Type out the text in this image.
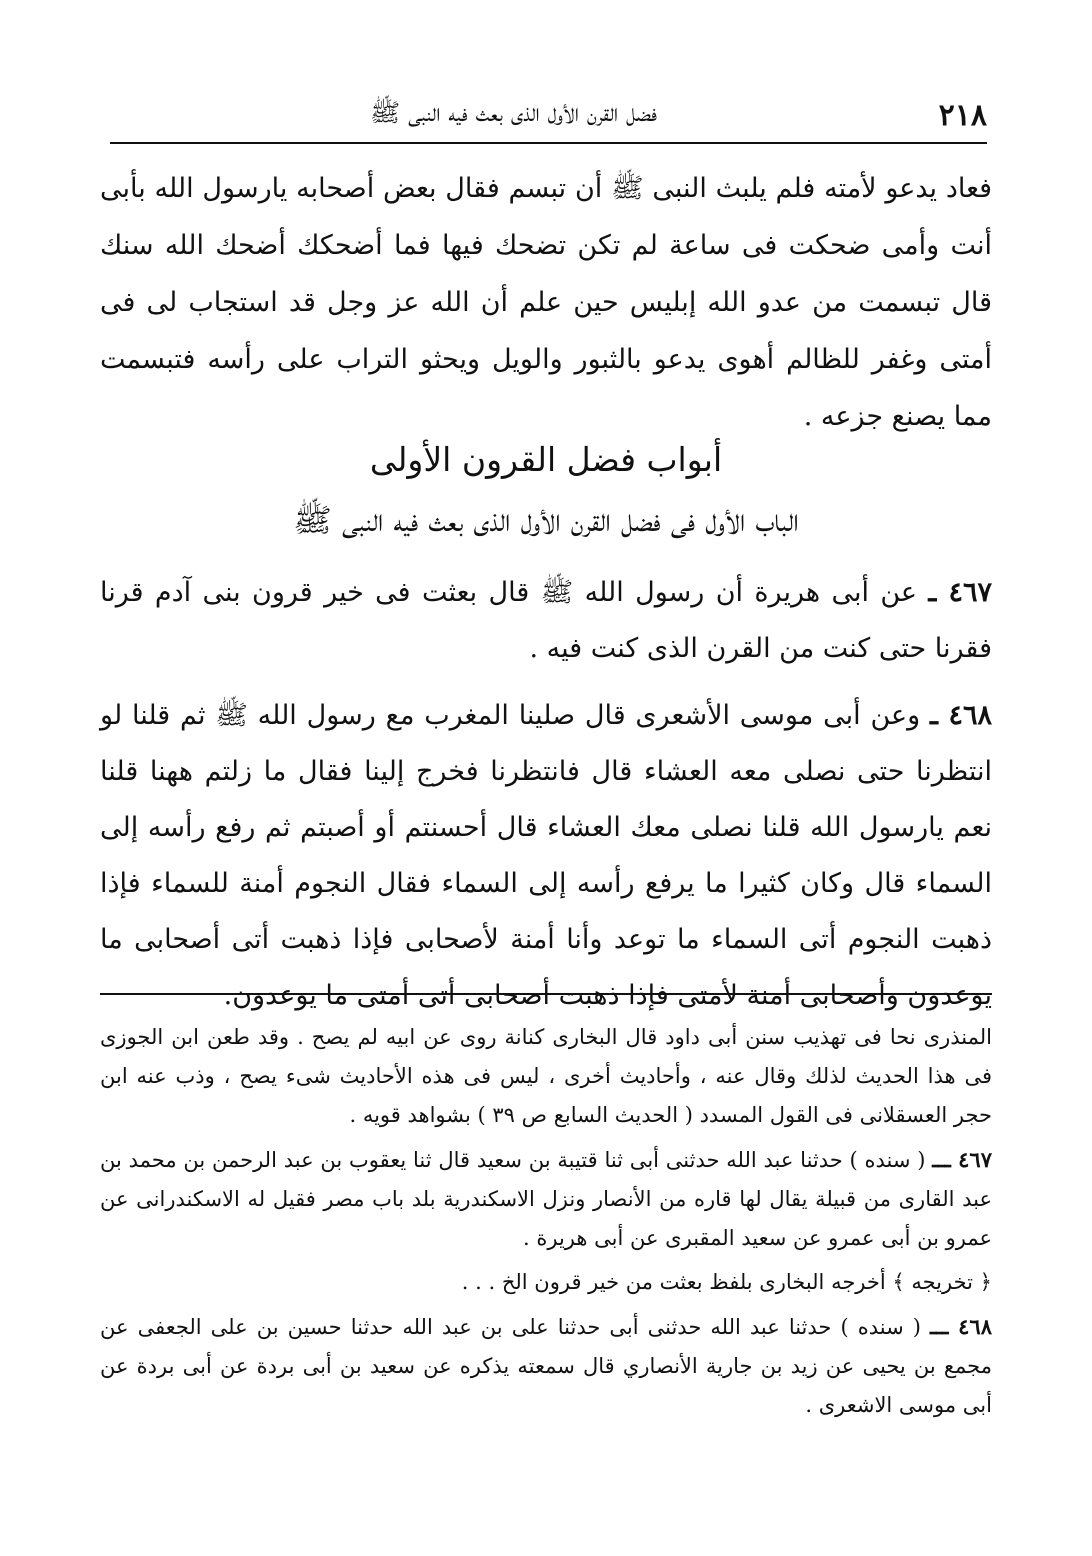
٢١٨
فضل القرن الأول الذى بعث فيه النبى ﷺ

فعاد يدعو لأمته فلم يلبث النبى ﷺ أن تبسم فقال بعض أصحابه يارسول الله بأبى أنت وأمى ضحكت فى ساعة لم تكن تضحك فيها فما أضحكك أضحك الله سنك قال تبسمت من عدو الله إبليس حين علم أن الله عز وجل قد استجاب لى فى أمتى وغفر للظالم أهوى يدعو بالثبور والويل ويحثو التراب على رأسه فتبسمت مما يصنع جزعه .

أبواب فضل القرون الأولى
الباب الأول فى فضل القرن الأول الذى بعث فيه النبى ﷺ

٤٦٧ ـ عن أبى هريرة أن رسول الله ﷺ قال بعثت فى خير قرون بنى آدم قرنا فقرنا حتى كنت من القرن الذى كنت فيه .

٤٦٨ ـ وعن أبى موسى الأشعرى قال صلينا المغرب مع رسول الله ﷺ ثم قلنا لو انتظرنا حتى نصلى معه العشاء قال فانتظرنا فخرج إلينا فقال ما زلتم ههنا قلنا نعم يارسول الله قلنا نصلى معك العشاء قال أحسنتم أو أصبتم ثم رفع رأسه إلى السماء قال وكان كثيرا ما يرفع رأسه إلى السماء فقال النجوم أمنة للسماء فإذا ذهبت النجوم أتى السماء ما توعد وأنا أمنة لأصحابى فإذا ذهبت أتى أصحابى ما يوعدون وأصحابى أمنة لأمتى فإذا ذهبت أصحابى أتى أمتى ما يوعدون.

المنذرى نحا فى تهذيب سنن أبى داود قال البخارى كنانة روى عن ابيه لم يصح . وقد طعن ابن الجوزى فى هذا الحديث لذلك وقال عنه ، وأحاديث أخرى ، ليس فى هذه الأحاديث شىء يصح ، وذب عنه ابن حجر العسقلانى فى القول المسدد ( الحديث السابع ص ٣٩ ) بشواهد قويه .

٤٦٧ ـــ ( سنده ) حدثنا عبد الله حدثنى أبى ثنا قتيبة بن سعيد قال ثنا يعقوب بن عبد الرحمن بن محمد بن عبد القارى من قبيلة يقال لها قاره من الأنصار ونزل الاسكندرية بلد باب مصر فقيل له الاسكندرانى عن عمرو بن أبى عمرو عن سعيد المقبرى عن أبى هريرة .

﴿ تخريجه ﴾ أخرجه البخارى بلفظ بعثت من خير قرون الخ . . .

٤٦٨ ـــ ( سنده ) حدثنا عبد الله حدثنى أبى حدثنا على بن عبد الله حدثنا حسين بن على الجعفى عن مجمع بن يحيى عن زيد بن جارية الأنصاري قال سمعته يذكره عن سعيد بن أبى بردة عن أبى بردة عن أبى موسى الاشعرى .
